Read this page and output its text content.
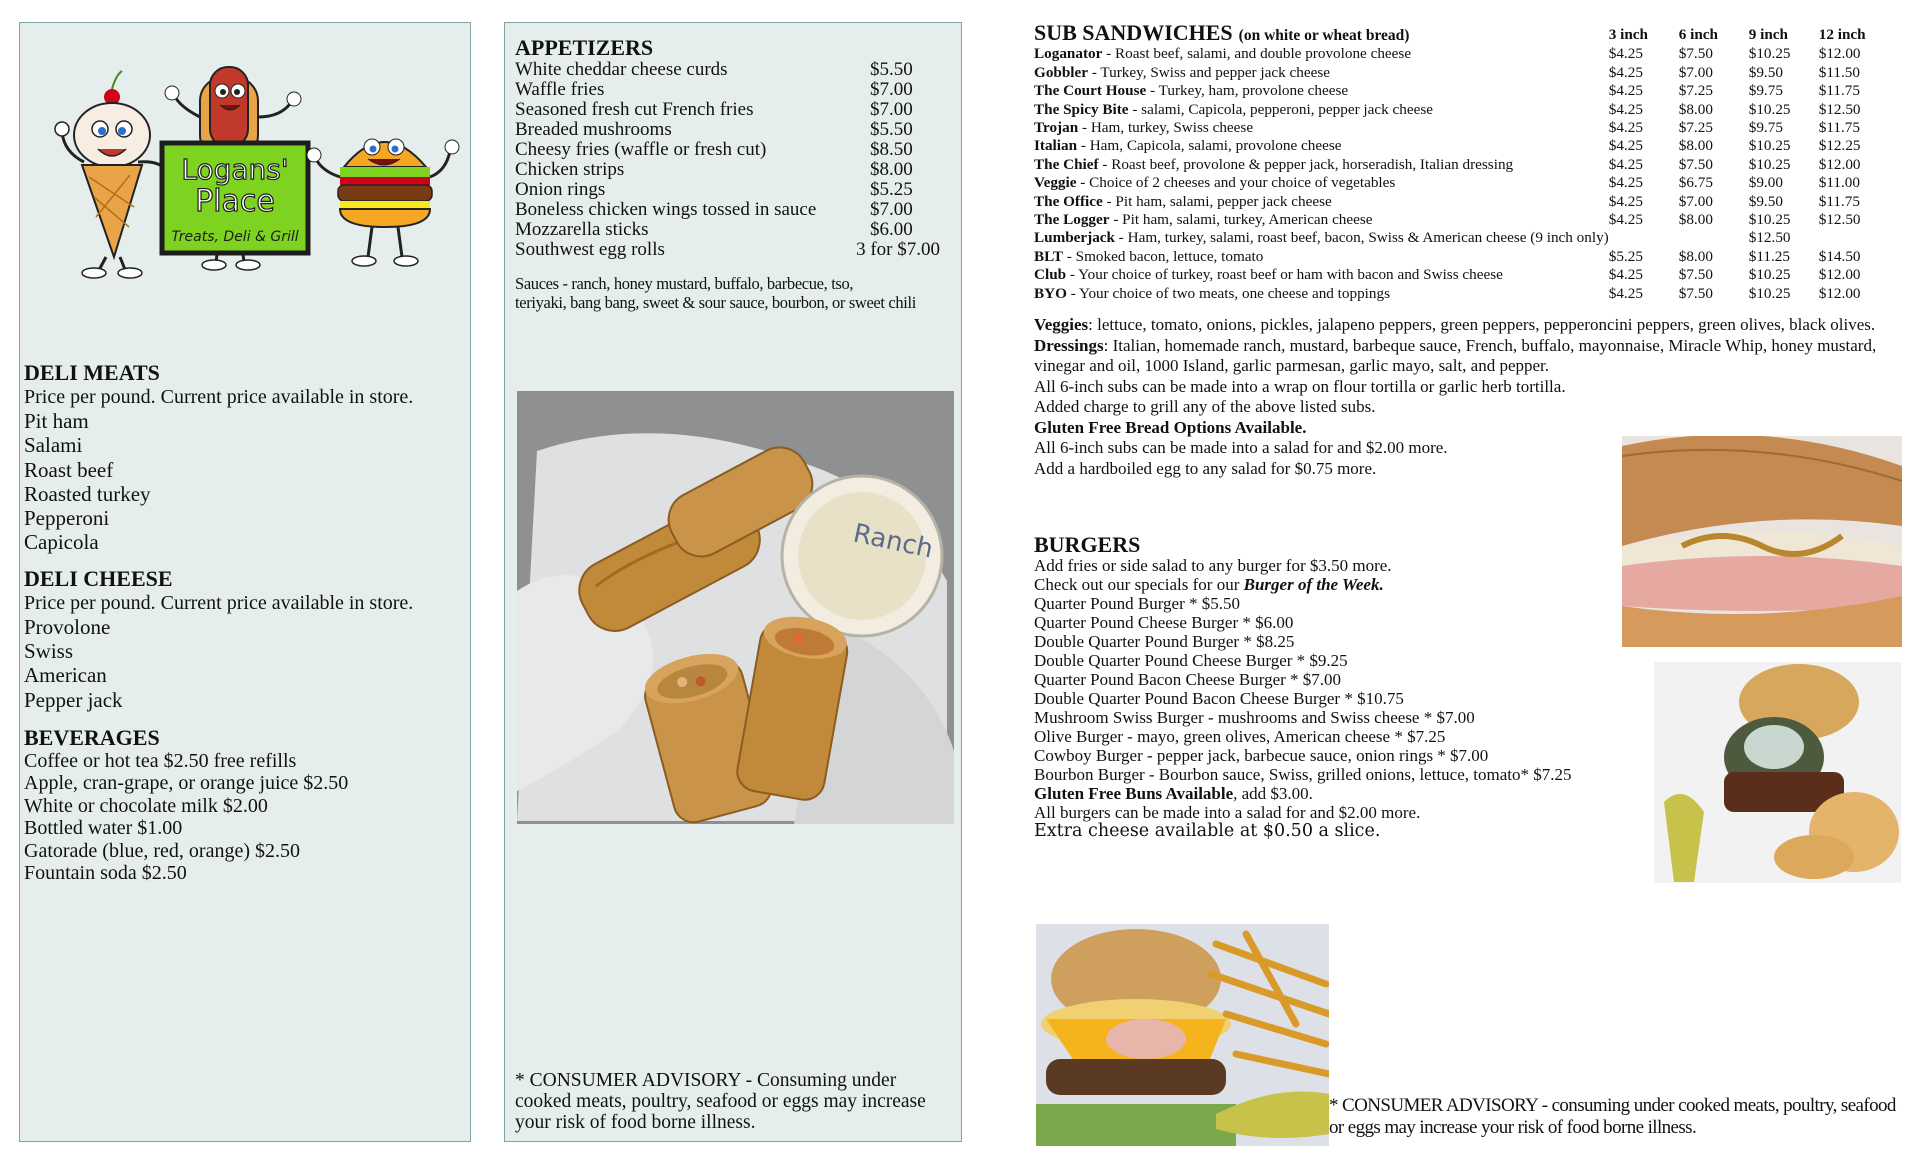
Logans'
Place
Treats, Deli & Grill

DELI MEATS

Price per pound. Current price available in store.
Pit ham
Salami
Roast beef
Roasted turkey
Pepperoni
Capicola

DELI CHEESE

Price per pound. Current price available in store.
Provolone
Swiss
American
Pepper jack

BEVERAGES

Coffee or hot tea $2.50 free refills
Apple, cran-grape, or orange juice $2.50
White or chocolate milk $2.00
Bottled water $1.00
Gatorade (blue, red, orange) $2.50
Fountain soda $2.50

APPETIZERS

White cheddar cheese curds	$5.50
Waffle fries	$7.00
Seasoned fresh cut French fries	$7.00
Breaded mushrooms	$5.50
Cheesy fries (waffle or fresh cut)	$8.50
Chicken strips	$8.00
Onion rings	$5.25
Boneless chicken wings tossed in sauce	$7.00
Mozzarella sticks	$6.00
Southwest egg rolls	3 for $7.00
Sauces - ranch, honey mustard, buffalo, barbecue, tso,
teriyaki, bang bang, sweet & sour sauce, bourbon, or sweet chili
Ranch
* CONSUMER ADVISORY - Consuming under cooked meats, poultry, seafood or eggs may increase your risk of food borne illness.
SUB SANDWICHES (on white or wheat bread)	3 inch	6 inch	9 inch	12 inch
Loganator - Roast beef, salami, and double provolone cheese	$4.25	$7.50	$10.25	$12.00
Gobbler - Turkey, Swiss and pepper jack cheese	$4.25	$7.00	$9.50	$11.50
The Court House - Turkey, ham, provolone cheese	$4.25	$7.25	$9.75	$11.75
The Spicy Bite - salami, Capicola, pepperoni, pepper jack cheese	$4.25	$8.00	$10.25	$12.50
Trojan - Ham, turkey, Swiss cheese	$4.25	$7.25	$9.75	$11.75
Italian - Ham, Capicola, salami, provolone cheese	$4.25	$8.00	$10.25	$12.25
The Chief - Roast beef, provolone & pepper jack, horseradish, Italian dressing	$4.25	$7.50	$10.25	$12.00
Veggie - Choice of 2 cheeses and your choice of vegetables	$4.25	$6.75	$9.00	$11.00
The Office - Pit ham, salami, pepper jack cheese	$4.25	$7.00	$9.50	$11.75
The Logger - Pit ham, salami, turkey, American cheese	$4.25	$8.00	$10.25	$12.50
Lumberjack - Ham, turkey, salami, roast beef, bacon, Swiss & American cheese (9 inch only)			$12.50	
BLT - Smoked bacon, lettuce, tomato	$5.25	$8.00	$11.25	$14.50
Club - Your choice of turkey, roast beef or ham with bacon and Swiss cheese	$4.25	$7.50	$10.25	$12.00
BYO - Your choice of two meats, one cheese and toppings	$4.25	$7.50	$10.25	$12.00

Veggies: lettuce, tomato, onions, pickles, jalapeno peppers, green peppers, pepperoncini peppers, green olives, black olives.

Dressings: Italian, homemade ranch, mustard, barbeque sauce, French, buffalo, mayonnaise, Miracle Whip, honey mustard, vinegar and oil, 1000 Island, garlic parmesan, garlic mayo, salt, and pepper.

All 6-inch subs can be made into a wrap on flour tortilla or garlic herb tortilla.

Added charge to grill any of the above listed subs.

Gluten Free Bread Options Available.

All 6-inch subs can be made into a salad for and $2.00 more.

Add a hardboiled egg to any salad for $0.75 more.

BURGERS

Add fries or side salad to any burger for $3.50 more.

Check out our specials for our Burger of the Week.

Quarter Pound Burger * $5.50

Quarter Pound Cheese Burger * $6.00

Double Quarter Pound Burger * $8.25

Double Quarter Pound Cheese Burger * $9.25

Quarter Pound Bacon Cheese Burger * $7.00

Double Quarter Pound Bacon Cheese Burger * $10.75

Mushroom Swiss Burger - mushrooms and Swiss cheese * $7.00

Olive Burger - mayo, green olives, American cheese * $7.25

Cowboy Burger - pepper jack, barbecue sauce, onion rings * $7.00

Bourbon Burger - Bourbon sauce, Swiss, grilled onions, lettuce, tomato* $7.25

Gluten Free Buns Available, add $3.00.

All burgers can be made into a salad for and $2.00 more.

Extra cheese available at $0.50 a slice.

* CONSUMER ADVISORY - consuming under cooked meats, poultry, seafood or eggs may increase your risk of food borne illness.
